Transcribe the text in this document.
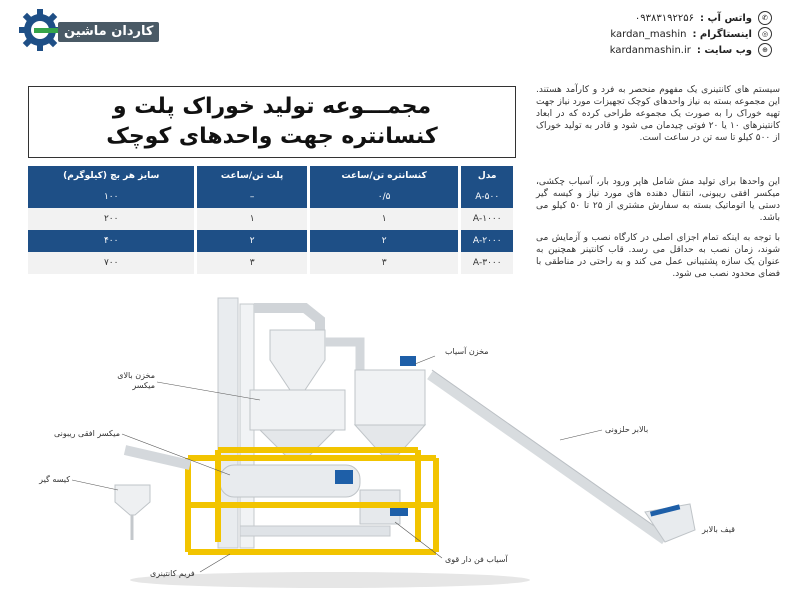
کاردان ماشین
✆
واتس آپ :
۰۹۳۸۳۱۹۲۲۵۶
◎
اینستاگرام :
kardan_mashin
⊕
وب سایت :
kardanmashin.ir
مجمـــوعه تولید خوراک پلت و
کنسانتره جهت واحدهای کوچک
سیستم های کانتینری یک مفهوم منحصر به فرد و کارآمد هستند. این مجموعه بسته به نیاز واحدهای کوچک تجهیزات مورد نیاز جهت تهیه خوراک را به صورت یک مجموعه طراحی کرده که در ابعاد کانتینرهای ۱۰ یا ۲۰ فوتی چیدمان می شود و قادر به تولید خوراک از ۵۰۰ کیلو تا سه تن در ساعت است.
این واحدها برای تولید مش شامل هاپر ورود بار، آسیاب چکشی، میکسر افقی ریبونی، انتقال دهنده های مورد نیاز و کیسه گیر دستی یا اتوماتیک بسته به سفارش مشتری از ۲۵ تا ۵۰ کیلو می باشد.
با توجه به اینکه تمام اجزای اصلی در کارگاه نصب و آزمایش می شوند، زمان نصب به حداقل می رسد. قاب کانتینر همچنین به عنوان یک سازه پشتیبانی عمل می کند و به راحتی در مناطقی با فضای محدود نصب می شود.
مدل	کنسانتره تن/ساعت	پلت تن/ساعت	سایز هر بچ (کیلوگرم)
۵۰۰-A	۰/۵	–	۱۰۰
۱۰۰۰-A	۱	۱	۲۰۰
۲۰۰۰-A	۲	۲	۴۰۰
۳۰۰۰-A	۳	۳	۷۰۰
مخزن آسیاب
مخزن بالای
میکسر
میکسر افقی ریبونی
کیسه گیر
بالابر حلزونی
قیف بالابر
فریم کانتینری
آسیاب فن دار قوی
